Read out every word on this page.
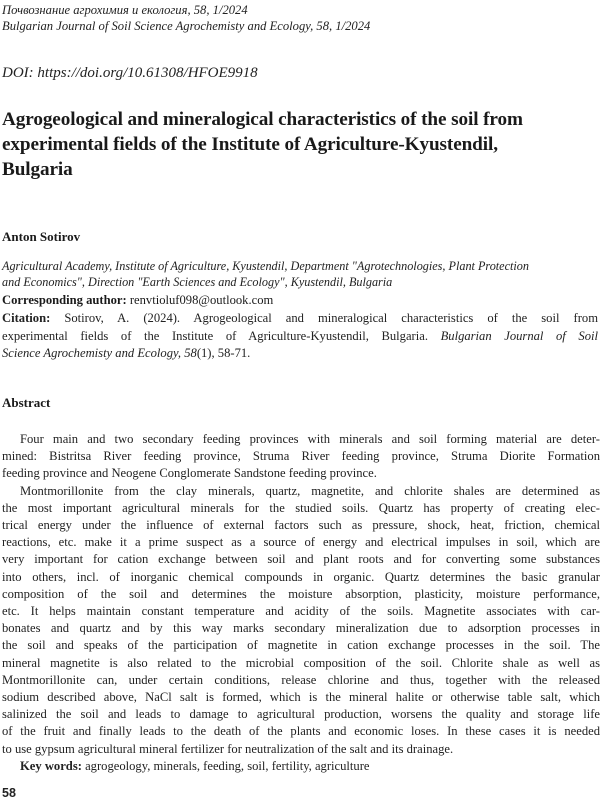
Почвознание агрохимия и екология, 58, 1/2024
Bulgarian Journal of Soil Science Agrochemisty and Ecology, 58, 1/2024
DOI: https://doi.org/10.61308/HFOE9918
Agrogeological and mineralogical characteristics of the soil from
experimental fields of the Institute of Agriculture-Kyustendil,
Bulgaria
Anton Sotirov
Agricultural Academy, Institute of Agriculture, Kyustendil, Department "Agrotechnologies, Plant Protection
and Economics", Direction "Earth Sciences and Ecology", Kyustendil, Bulgaria
Corresponding author: renvtioluf098@outlook.com
Citation: Sotirov, A. (2024). Agrogeological and mineralogical characteristics of the soil from
experimental fields of the Institute of Agriculture-Kyustendil, Bulgaria. Bulgarian Journal of Soil
Science Agrochemisty and Ecology, 58(1), 58-71.
Abstract
Four main and two secondary feeding provinces with minerals and soil forming material are deter-
mined: Bistritsa River feeding province, Struma River feeding province, Struma Diorite Formation
feeding province and Neogene Conglomerate Sandstone feeding province.
Montmorillonite from the clay minerals, quartz, magnetite, and chlorite shales are determined as
the most important agricultural minerals for the studied soils. Quartz has property of creating elec-
trical energy under the influence of external factors such as pressure, shock, heat, friction, chemical
reactions, etc. make it a prime suspect as a source of energy and electrical impulses in soil, which are
very important for cation exchange between soil and plant roots and for converting some substances
into others, incl. of inorganic chemical compounds in organic. Quartz determines the basic granular
composition of the soil and determines the moisture absorption, plasticity, moisture performance,
etc. It helps maintain constant temperature and acidity of the soils. Magnetite associates with car-
bonates and quartz and by this way marks secondary mineralization due to adsorption processes in
the soil and speaks of the participation of magnetite in cation exchange processes in the soil. The
mineral magnetite is also related to the microbial composition of the soil. Chlorite shale as well as
Montmorillonite can, under certain conditions, release chlorine and thus, together with the released
sodium described above, NaCl salt is formed, which is the mineral halite or otherwise table salt, which
salinized the soil and leads to damage to agricultural production, worsens the quality and storage life
of the fruit and finally leads to the death of the plants and economic loses. In these cases it is needed
to use gypsum agricultural mineral fertilizer for neutralization of the salt and its drainage.
Key words: agrogeology, minerals, feeding, soil, fertility, agriculture
58
